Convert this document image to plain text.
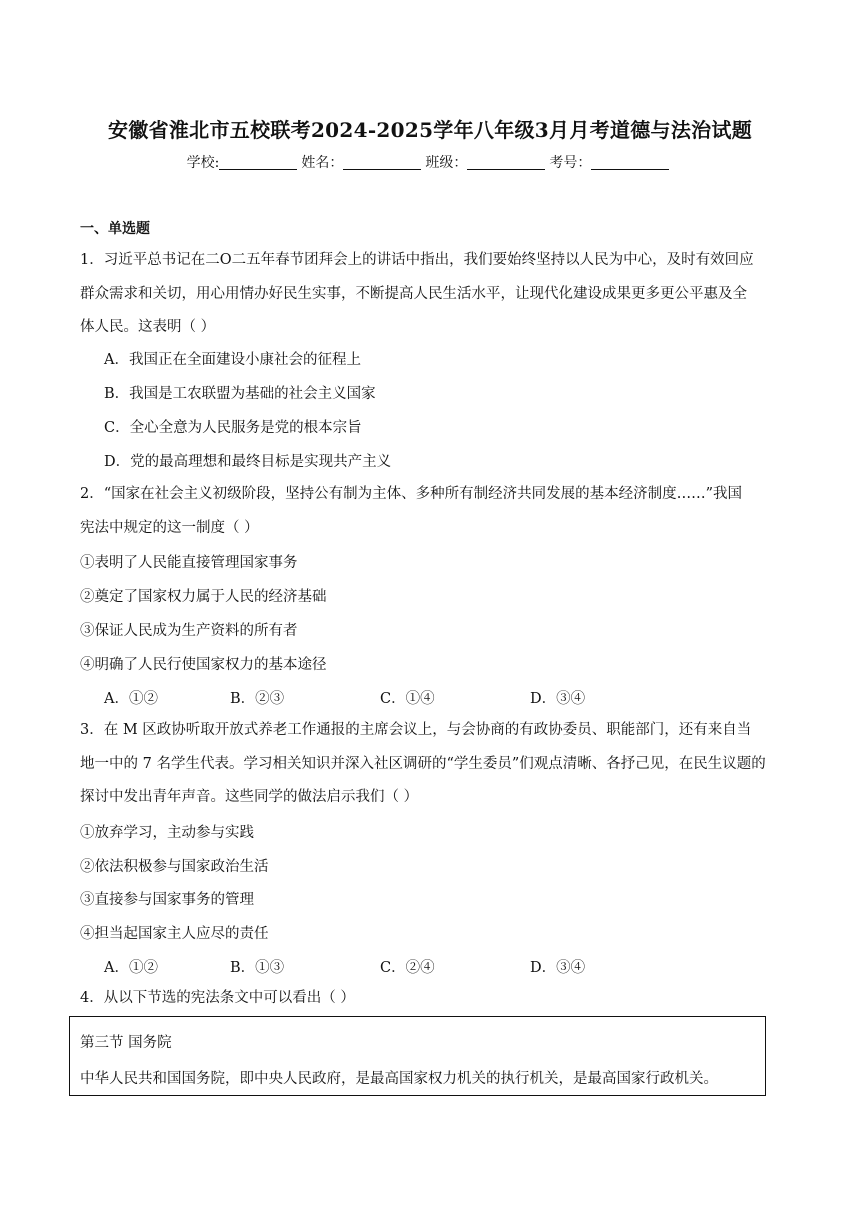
安徽省淮北市五校联考2024-2025学年八年级3月月考道德与法治试题
学校:	姓名：	班级：	考号：
一、单选题
1．习近平总书记在二O二五年春节团拜会上的讲话中指出，我们要始终坚持以人民为中心，及时有效回应
群众需求和关切，用心用情办好民生实事，不断提高人民生活水平，让现代化建设成果更多更公平惠及全
体人民。这表明（ ）
A．我国正在全面建设小康社会的征程上
B．我国是工农联盟为基础的社会主义国家
C．全心全意为人民服务是党的根本宗旨
D．党的最高理想和最终目标是实现共产主义
2．“国家在社会主义初级阶段，坚持公有制为主体、多种所有制经济共同发展的基本经济制度……”我国
宪法中规定的这一制度（ ）
①表明了人民能直接管理国家事务
②奠定了国家权力属于人民的经济基础
③保证人民成为生产资料的所有者
④明确了人民行使国家权力的基本途径
A．①②	B．②③	C．①④	D．③④
3．在 M 区政协听取开放式养老工作通报的主席会议上，与会协商的有政协委员、职能部门，还有来自当
地一中的 7 名学生代表。学习相关知识并深入社区调研的“学生委员”们观点清晰、各抒己见，在民生议题的
探讨中发出青年声音。这些同学的做法启示我们（ ）
①放弃学习，主动参与实践
②依法积极参与国家政治生活
③直接参与国家事务的管理
④担当起国家主人应尽的责任
A．①②	B．①③	C．②④	D．③④
4．从以下节选的宪法条文中可以看出（ ）
第三节 国务院
中华人民共和国国务院，即中央人民政府，是最高国家权力机关的执行机关，是最高国家行政机关。
